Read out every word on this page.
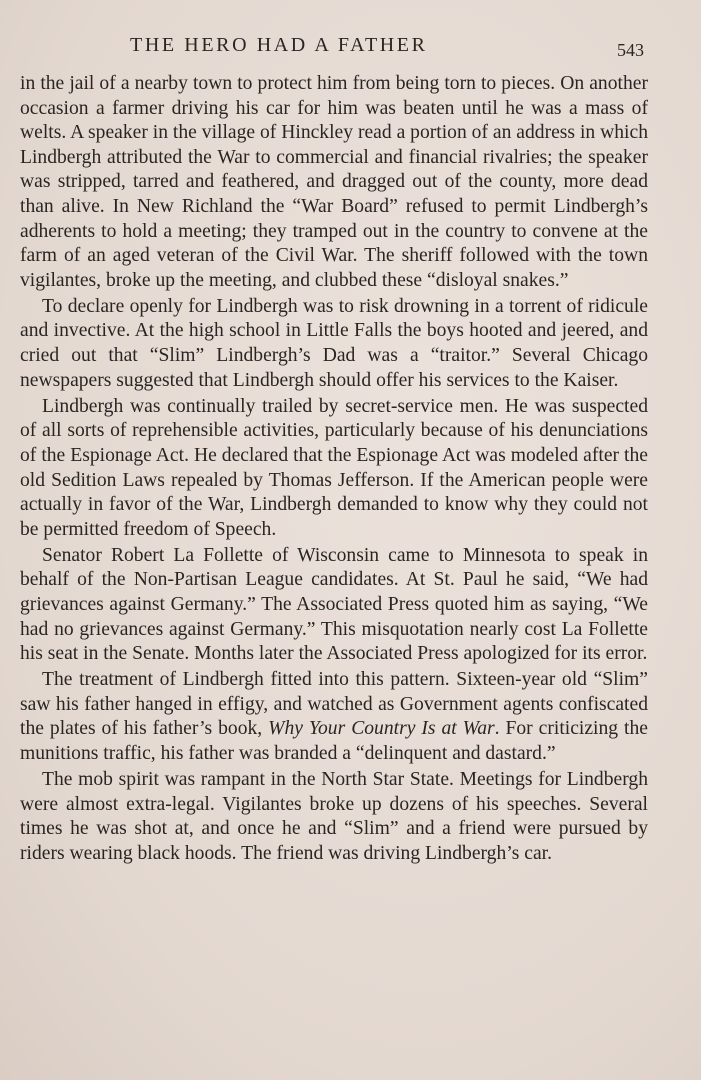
THE HERO HAD A FATHER	543

in the jail of a nearby town to protect him from being torn to pieces. On another occasion a farmer driving his car for him was beaten until he was a mass of welts. A speaker in the village of Hinckley read a portion of an address in which Lindbergh attributed the War to commercial and financial rivalries; the speaker was stripped, tarred and feathered, and dragged out of the county, more dead than alive. In New Richland the “War Board” refused to permit Lindbergh’s adherents to hold a meeting; they tramped out in the country to convene at the farm of an aged veteran of the Civil War. The sheriff followed with the town vigilantes, broke up the meeting, and clubbed these “disloyal snakes.”

To declare openly for Lindbergh was to risk drowning in a torrent of ridicule and invective. At the high school in Little Falls the boys hooted and jeered, and cried out that “Slim” Lindbergh’s Dad was a “traitor.” Several Chicago newspapers suggested that Lindbergh should offer his services to the Kaiser.

Lindbergh was continually trailed by secret-service men. He was suspected of all sorts of reprehensible activities, particularly because of his denunciations of the Espionage Act. He declared that the Espionage Act was modeled after the old Sedition Laws repealed by Thomas Jefferson. If the American people were actually in favor of the War, Lindbergh demanded to know why they could not be permitted freedom of Speech.

Senator Robert La Follette of Wisconsin came to Minnesota to speak in behalf of the Non-Partisan League candidates. At St. Paul he said, “We had grievances against Germany.” The Associated Press quoted him as saying, “We had no grievances against Germany.” This misquotation nearly cost La Follette his seat in the Senate. Months later the Associated Press apologized for its error.

The treatment of Lindbergh fitted into this pattern. Sixteen-year old “Slim” saw his father hanged in effigy, and watched as Government agents confiscated the plates of his father’s book, Why Your Country Is at War. For criticizing the munitions traffic, his father was branded a “delinquent and dastard.”

The mob spirit was rampant in the North Star State. Meetings for Lindbergh were almost extra-legal. Vigilantes broke up dozens of his speeches. Several times he was shot at, and once he and “Slim” and a friend were pursued by riders wearing black hoods. The friend was driving Lindbergh’s car.
